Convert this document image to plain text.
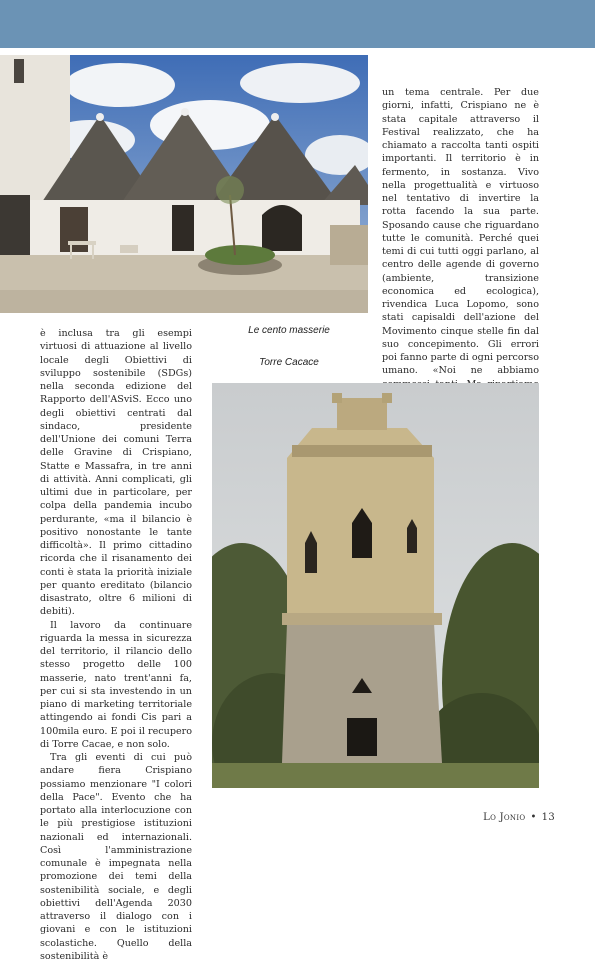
Le cento masserie
Torre Cacace

è inclusa tra gli esempi virtuosi di attuazione al livello locale degli Obiettivi di sviluppo sostenibile (SDGs) nella seconda edizione del Rapporto dell'ASviS. Ecco uno degli obiettivi centrati dal sindaco, presidente dell'Unione dei comuni Terra delle Gravine di Crispiano, Statte e Massafra, in tre anni di attività. Anni complicati, gli ultimi due in particolare, per colpa della pandemia incubo perdurante, «ma il bilancio è positivo nonostante le tante difficoltà». Il primo cittadino ricorda che il risanamento dei conti è stata la priorità iniziale per quanto ereditato (bilancio disastrato, oltre 6 milioni di debiti).

Il lavoro da continuare riguarda la messa in sicurezza del territorio, il rilancio dello stesso progetto delle 100 masserie, nato trent'anni fa, per cui si sta investendo in un piano di marketing territoriale attingendo ai fondi Cis pari a 100mila euro. E poi il recupero di Torre Cacae, e non solo.

Tra gli eventi di cui può andare fiera Crispiano possiamo menzionare "I colori della Pace". Evento che ha portato alla interlocuzione con le più prestigiose istituzioni nazionali ed internazionali. Così l'amministrazione comunale è impegnata nella promozione dei temi della sostenibilità sociale, e degli obiettivi dell'Agenda 2030 attraverso il dialogo con i giovani e con le istituzioni scolastiche. Quello della sostenibilità è

un tema centrale. Per due giorni, infatti, Crispiano ne è stata capitale attraverso il Festival realizzato, che ha chiamato a raccolta tanti ospiti importanti. Il territorio è in fermento, in sostanza. Vivo nella progettualità e virtuoso nel tentativo di invertire la rotta facendo la sua parte. Sposando cause che riguardano tutte le comunità. Perché quei temi di cui tutti oggi parlano, al centro delle agende di governo (ambiente, transizione economica ed ecologica), rivendica Luca Lopomo, sono stati capisaldi dell'azione del Movimento cinque stelle fin dal suo concepimento. Gli errori poi fanno parte di ogni percorso umano. «Noi ne abbiamo

Lo Jonio • 13
